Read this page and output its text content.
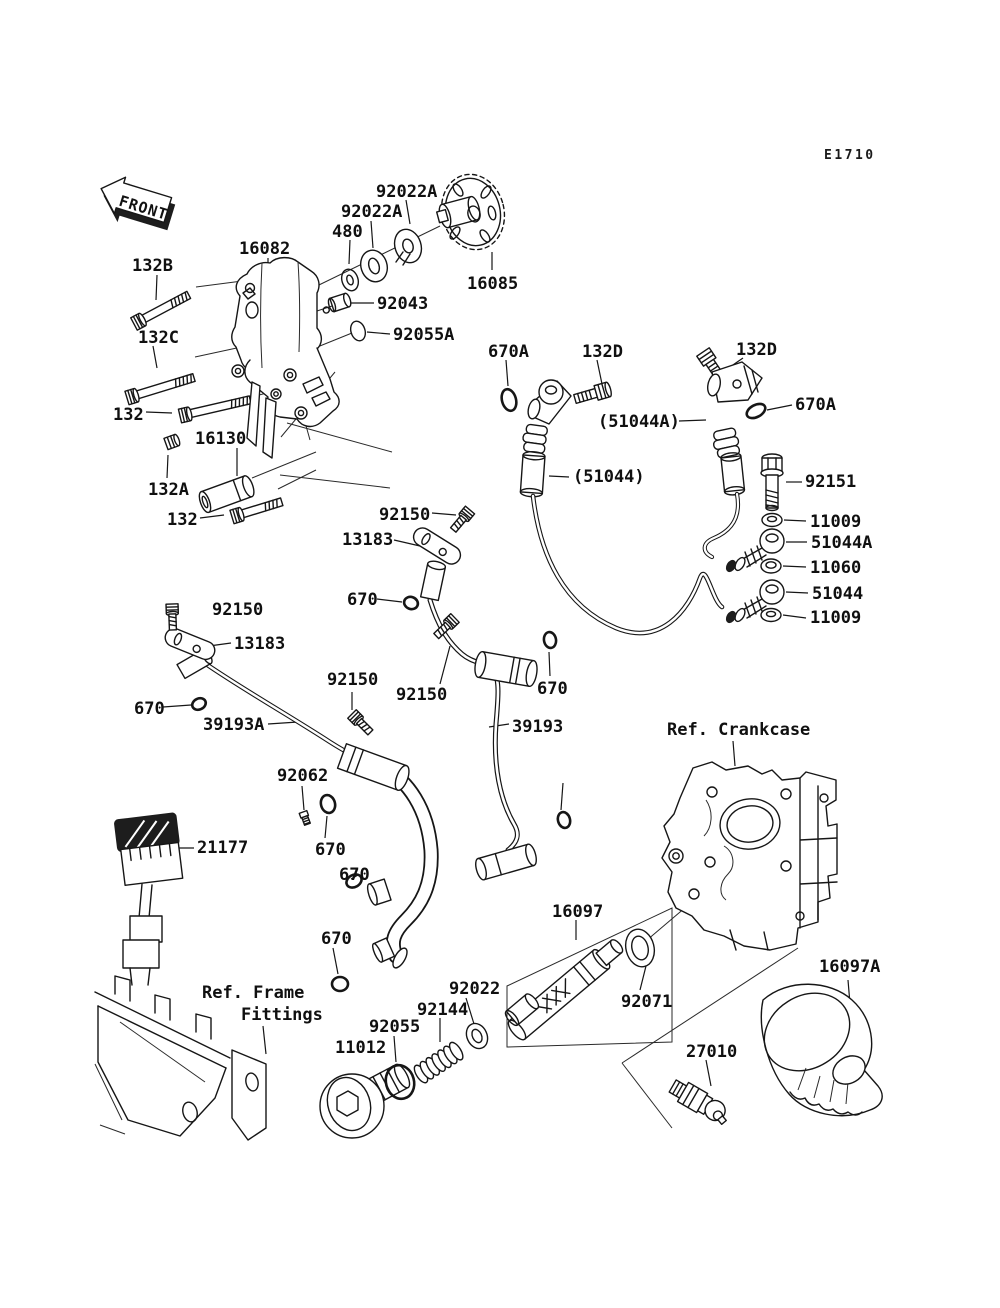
FRONT
E1710
132B
16082
480
92022A
92022A
16085
92043
92055A
132C
132
16130
132A
132
670A	132D	132D
670A
(51044A)
(51044)	92151
11009
51044A
11060
51044
11009
92150
13183
670
92150
13183
670
39193A
92150
92150	670
39193	Ref. Crankcase
92062
670
670
21177
670
Ref. Frame
Fittings
16097
92022
92144
92055
11012
92071
16097A
27010
